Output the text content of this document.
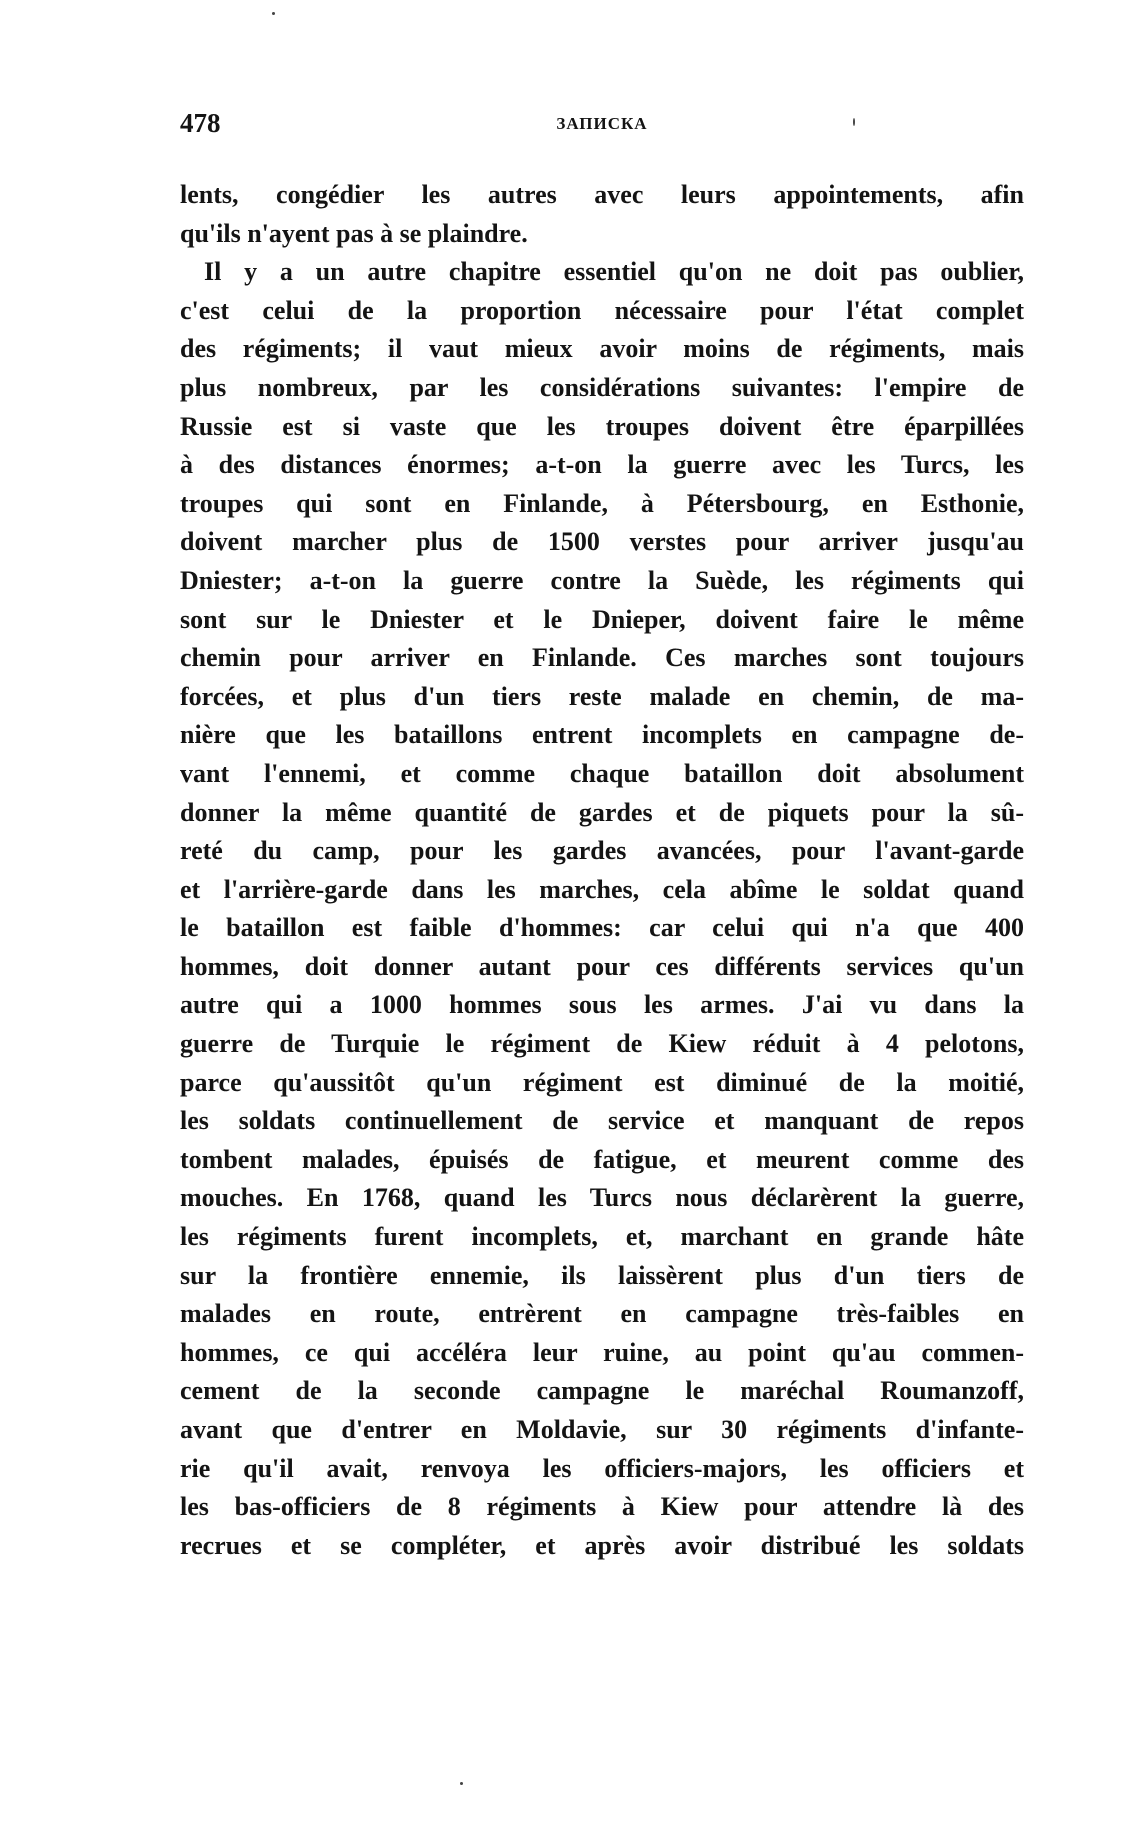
478	ЗАПИСКА
lents, congédier les autres avec leurs appointements, afin
qu'ils n'ayent pas à se plaindre.
Il y a un autre chapitre essentiel qu'on ne doit pas oublier,
c'est celui de la proportion nécessaire pour l'état complet
des régiments; il vaut mieux avoir moins de régiments, mais
plus nombreux, par les considérations suivantes: l'empire de
Russie est si vaste que les troupes doivent être éparpillées
à des distances énormes; a-t-on la guerre avec les Turcs, les
troupes qui sont en Finlande, à Pétersbourg, en Esthonie,
doivent marcher plus de 1500 verstes pour arriver jusqu'au
Dniester; a-t-on la guerre contre la Suède, les régiments qui
sont sur le Dniester et le Dnieper, doivent faire le même
chemin pour arriver en Finlande. Ces marches sont toujours
forcées, et plus d'un tiers reste malade en chemin, de ma-
nière que les bataillons entrent incomplets en campagne de-
vant l'ennemi, et comme chaque bataillon doit absolument
donner la même quantité de gardes et de piquets pour la sû-
reté du camp, pour les gardes avancées, pour l'avant-garde
et l'arrière-garde dans les marches, cela abîme le soldat quand
le bataillon est faible d'hommes: car celui qui n'a que 400
hommes, doit donner autant pour ces différents services qu'un
autre qui a 1000 hommes sous les armes. J'ai vu dans la
guerre de Turquie le régiment de Kiew réduit à 4 pelotons,
parce qu'aussitôt qu'un régiment est diminué de la moitié,
les soldats continuellement de service et manquant de repos
tombent malades, épuisés de fatigue, et meurent comme des
mouches. En 1768, quand les Turcs nous déclarèrent la guerre,
les régiments furent incomplets, et, marchant en grande hâte
sur la frontière ennemie, ils laissèrent plus d'un tiers de
malades en route, entrèrent en campagne très-faibles en
hommes, ce qui accéléra leur ruine, au point qu'au commen-
cement de la seconde campagne le maréchal Roumanzoff,
avant que d'entrer en Moldavie, sur 30 régiments d'infante-
rie qu'il avait, renvoya les officiers-majors, les officiers et
les bas-officiers de 8 régiments à Kiew pour attendre là des
recrues et se compléter, et après avoir distribué les soldats
